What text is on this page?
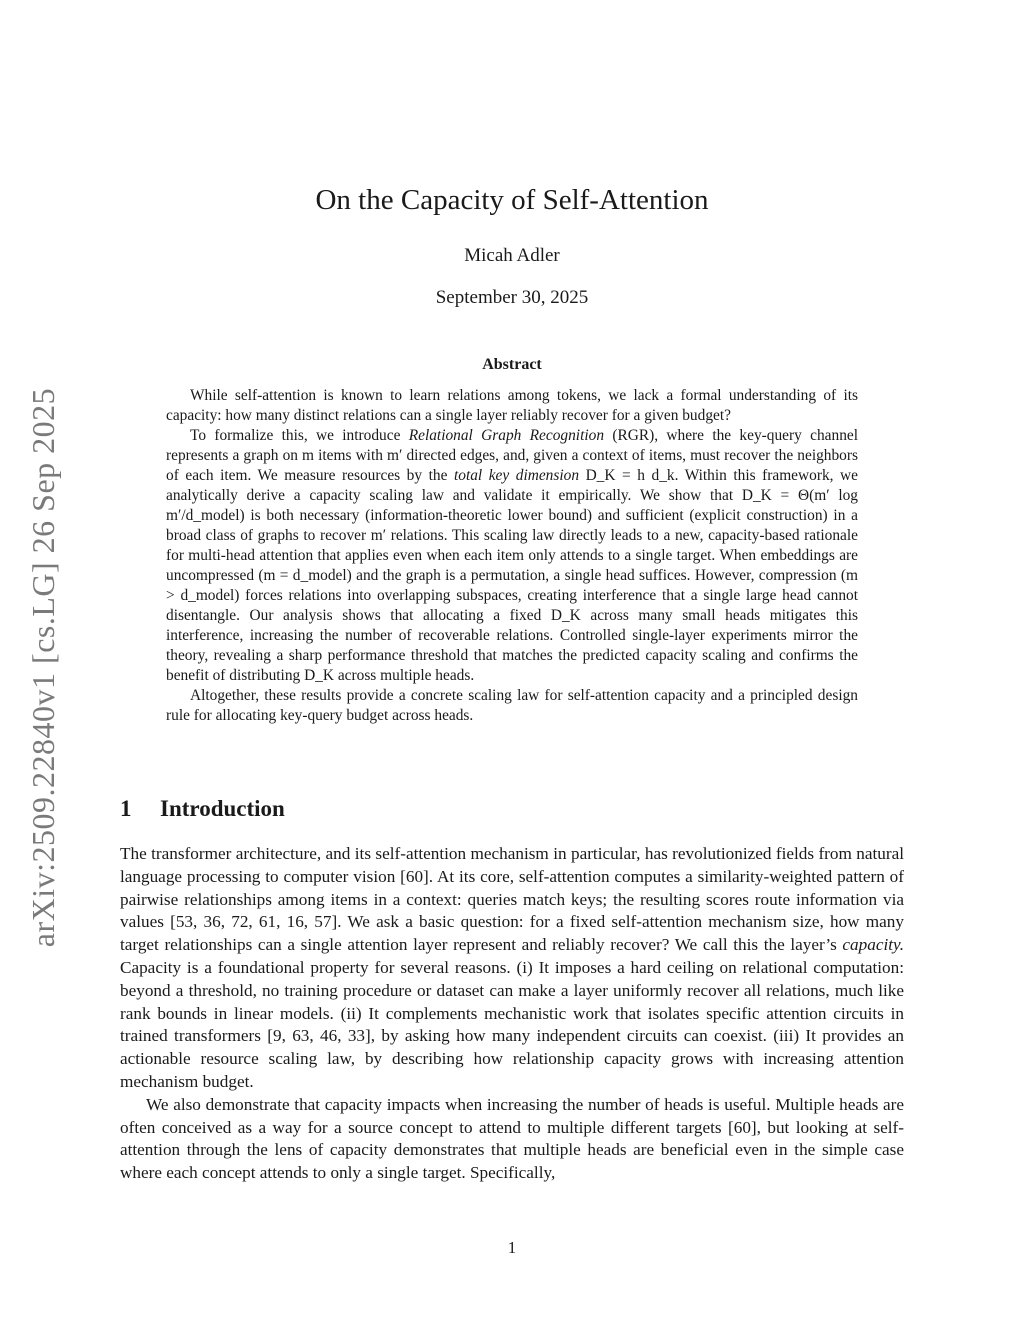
arXiv:2509.22840v1 [cs.LG] 26 Sep 2025
On the Capacity of Self-Attention
Micah Adler
September 30, 2025
Abstract

While self-attention is known to learn relations among tokens, we lack a formal understanding of its capacity: how many distinct relations can a single layer reliably recover for a given budget?

To formalize this, we introduce Relational Graph Recognition (RGR), where the key-query channel represents a graph on m items with m′ directed edges, and, given a context of items, must recover the neighbors of each item. We measure resources by the total key dimension D_K = h d_k. Within this framework, we analytically derive a capacity scaling law and validate it empirically. We show that D_K = Θ(m′ log m′/d_model) is both necessary (information-theoretic lower bound) and sufficient (explicit construction) in a broad class of graphs to recover m′ relations. This scaling law directly leads to a new, capacity-based rationale for multi-head attention that applies even when each item only attends to a single target. When embeddings are uncompressed (m = d_model) and the graph is a permutation, a single head suffices. However, compression (m > d_model) forces relations into overlapping subspaces, creating interference that a single large head cannot disentangle. Our analysis shows that allocating a fixed D_K across many small heads mitigates this interference, increasing the number of recoverable relations. Controlled single-layer experiments mirror the theory, revealing a sharp performance threshold that matches the predicted capacity scaling and confirms the benefit of distributing D_K across multiple heads.

Altogether, these results provide a concrete scaling law for self-attention capacity and a principled design rule for allocating key-query budget across heads.

1 Introduction

The transformer architecture, and its self-attention mechanism in particular, has revolutionized fields from natural language processing to computer vision [60]. At its core, self-attention computes a similarity-weighted pattern of pairwise relationships among items in a context: queries match keys; the resulting scores route information via values [53, 36, 72, 61, 16, 57]. We ask a basic question: for a fixed self-attention mechanism size, how many target relationships can a single attention layer represent and reliably recover? We call this the layer’s capacity. Capacity is a foundational property for several reasons. (i) It imposes a hard ceiling on relational computation: beyond a threshold, no training procedure or dataset can make a layer uniformly recover all relations, much like rank bounds in linear models. (ii) It complements mechanistic work that isolates specific attention circuits in trained transformers [9, 63, 46, 33], by asking how many independent circuits can coexist. (iii) It provides an actionable resource scaling law, by describing how relationship capacity grows with increasing attention mechanism budget.

We also demonstrate that capacity impacts when increasing the number of heads is useful. Multiple heads are often conceived as a way for a source concept to attend to multiple different targets [60], but looking at self-attention through the lens of capacity demonstrates that multiple heads are beneficial even in the simple case where each concept attends to only a single target. Specifically,

1
